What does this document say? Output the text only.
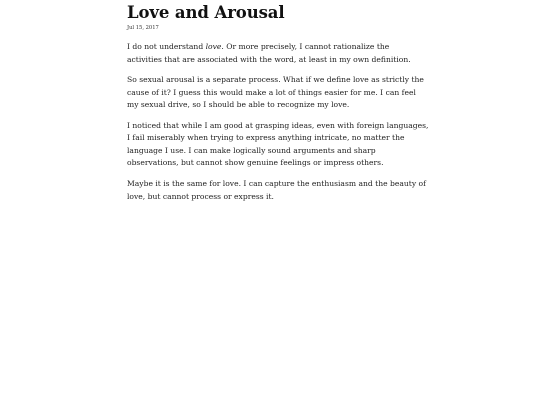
Love and Arousal
Jul 15, 2017

I do not understand love. Or more precisely, I cannot rationalize the
activities that are associated with the word, at least in my own definition.

So sexual arousal is a separate process. What if we define love as strictly the
cause of it? I guess this would make a lot of things easier for me. I can feel
my sexual drive, so I should be able to recognize my love.

I noticed that while I am good at grasping ideas, even with foreign languages,
I fail miserably when trying to express anything intricate, no matter the
language I use. I can make logically sound arguments and sharp
observations, but cannot show genuine feelings or impress others.

Maybe it is the same for love. I can capture the enthusiasm and the beauty of
love, but cannot process or express it.
